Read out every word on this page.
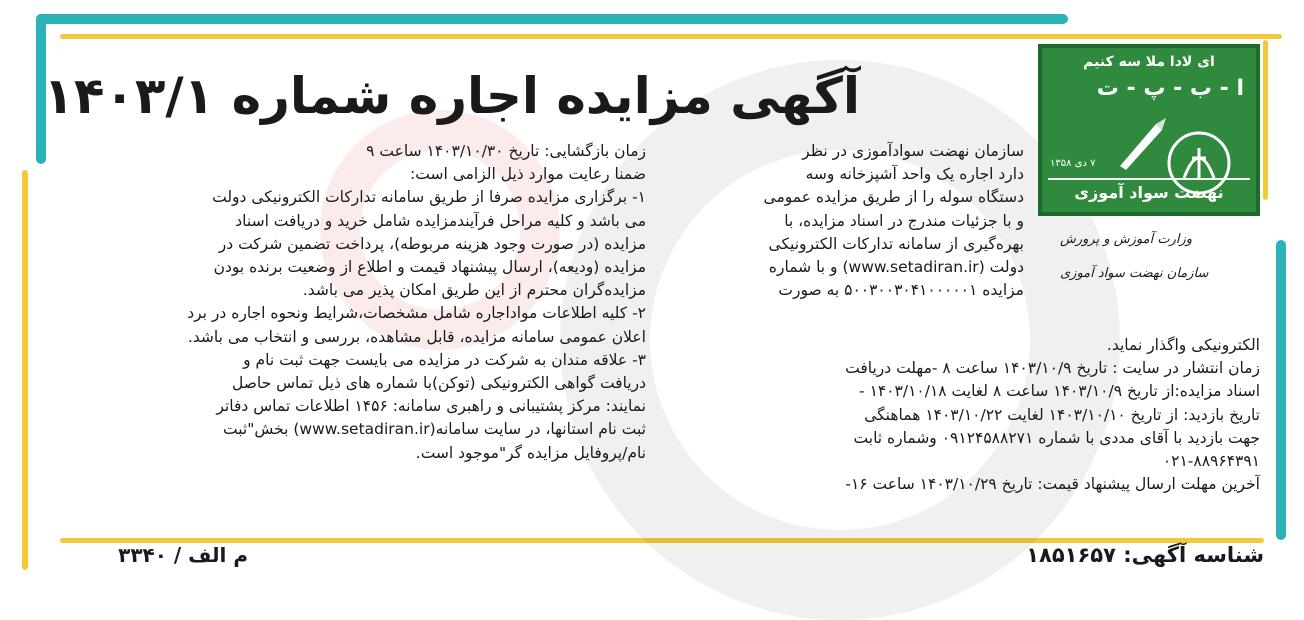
ای لادا ملا سه کنیم
ا - ب - پ - ت
۷ دی ۱۳۵۸
نهضت سواد آموزی
وزارت آموزش و پرورش
سازمان نهضت سواد آموزی
آگهی مزایده اجاره شماره ۱۴۰۳/۱
سازمان نهضت سوادآموزی در نظر
دارد اجاره یک واحد آشپزخانه وسه
دستگاه سوله را از طریق مزایده عمومی
و با جزئیات مندرج در اسناد مزایده، با
بهره‌گیری از سامانه تدارکات الکترونیکی
دولت (www.setadiran.ir) و با شماره
مزایده ۵۰۰۳۰۰۳۰۴۱۰۰۰۰۰۱ به صورت
الکترونیکی واگذار نماید.
زمان انتشار در سایت : تاریخ ۱۴۰۳/۱۰/۹ ساعت ۸ -مهلت دریافت
اسناد مزایده:از تاریخ ۱۴۰۳/۱۰/۹ ساعت ۸ لغایت ۱۴۰۳/۱۰/۱۸ -
تاریخ بازدید: از تاریخ ۱۴۰۳/۱۰/۱۰ لغایت ۱۴۰۳/۱۰/۲۲ هماهنگی
جهت بازدید با آقای مددی با شماره ۰۹۱۲۴۵۸۸۲۷۱ وشماره ثابت
۰۲۱-۸۸۹۶۴۳۹۱
آخرین مهلت ارسال پیشنهاد قیمت: تاریخ ۱۴۰۳/۱۰/۲۹ ساعت ۱۶-
زمان بازگشایی: تاریخ ۱۴۰۳/۱۰/۳۰ ساعت ۹
ضمنا رعایت موارد ذیل الزامی است:
۱- برگزاری مزایده صرفا از طریق سامانه تدارکات الکترونیکی دولت
می باشد و کلیه مراحل فرآیندمزایده شامل خرید و دریافت اسناد
مزایده (در صورت وجود هزینه مربوطه)، پرداخت تضمین شرکت در
مزایده (ودیعه)، ارسال پیشنهاد قیمت و اطلاع از وضعیت برنده بودن
مزایده‌گران محترم از این طریق امکان پذیر می باشد.
۲- کلیه اطلاعات مواداجاره شامل مشخصات،شرایط ونحوه اجاره در برد
اعلان عمومی سامانه مزایده، قابل مشاهده، بررسی و انتخاب می باشد.
۳- علاقه مندان به شرکت در مزایده می بایست جهت ثبت نام و
دریافت گواهی الکترونیکی (توکن)با شماره های ذیل تماس حاصل
نمایند: مرکز پشتیبانی و راهبری سامانه: ۱۴۵۶ اطلاعات تماس دفاتر
ثبت نام استانها، در سایت سامانه(www.setadiran.ir) بخش"ثبت
نام/پروفایل مزایده گر"موجود است.
شناسه آگهی: ۱۸۵۱۶۵۷
م الف / ۳۳۴۰
